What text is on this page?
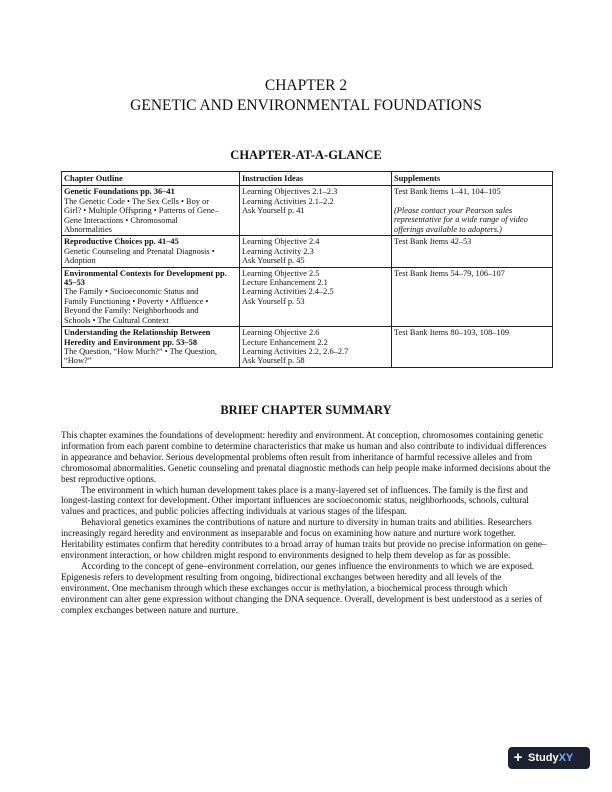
CHAPTER 2
GENETIC AND ENVIRONMENTAL FOUNDATIONS
CHAPTER-AT-A-GLANCE
Chapter Outline	Instruction Ideas	Supplements

Genetic Foundations pp. 36–41
The Genetic Code • The Sex Cells • Boy or
Girl? • Multiple Offspring • Patterns of Gene–
Gene Interactions • Chromosomal
Abnormalities	Learning Objectives 2.1–2.3
Learning Activities 2.1–2.2
Ask Yourself p. 41	Test Bank Items 1–41, 104–105
(Please contact your Pearson sales
representative for a wide range of video
offerings available to adopters.)

Reproductive Choices pp. 41–45
Genetic Counseling and Prenatal Diagnosis •
Adoption	Learning Objective 2.4
Learning Activity 2.3
Ask Yourself p. 45	Test Bank Items 42–53

Environmental Contexts for Development pp. 45–53
The Family • Socioeconomic Status and
Family Functioning • Poverty • Affluence •
Beyond the Family: Neighborhoods and
Schools • The Cultural Context	Learning Objective 2.5
Lecture Enhancement 2.1
Learning Activities 2.4–2.5
Ask Yourself p. 53	Test Bank Items 54–79, 106–107

Understanding the Relationship Between Heredity and Environment pp. 53–58
The Question, “How Much?” • The Question,
“How?”	Learning Objective 2.6
Lecture Enhancement 2.2
Learning Activities 2.2, 2.6–2.7
Ask Yourself p. 58	Test Bank Items 80–103, 108–109
BRIEF CHAPTER SUMMARY

This chapter examines the foundations of development: heredity and environment. At conception, chromosomes containing genetic information from each parent combine to determine characteristics that make us human and also contribute to individual differences in appearance and behavior. Serious developmental problems often result from inheritance of harmful recessive alleles and from chromosomal abnormalities. Genetic counseling and prenatal diagnostic methods can help people make informed decisions about the best reproductive options.

The environment in which human development takes place is a many-layered set of influences. The family is the first and longest-lasting context for development. Other important influences are socioeconomic status, neighborhoods, schools, cultural values and practices, and public policies affecting individuals at various stages of the lifespan.

Behavioral genetics examines the contributions of nature and nurture to diversity in human traits and abilities. Researchers increasingly regard heredity and environment as inseparable and focus on examining how nature and nurture work together. Heritability estimates confirm that heredity contributes to a broad array of human traits but provide no precise information on gene–environment interaction, or how children might respond to environments designed to help them develop as far as possible.

According to the concept of gene–environment correlation, our genes influence the environments to which we are exposed. Epigenesis refers to development resulting from ongoing, bidirectional exchanges between heredity and all levels of the environment. One mechanism through which these exchanges occur is methylation, a biochemical process through which environment can alter gene expression without changing the DNA sequence. Overall, development is best understood as a series of complex exchanges between nature and nurture.

+ Study XY
